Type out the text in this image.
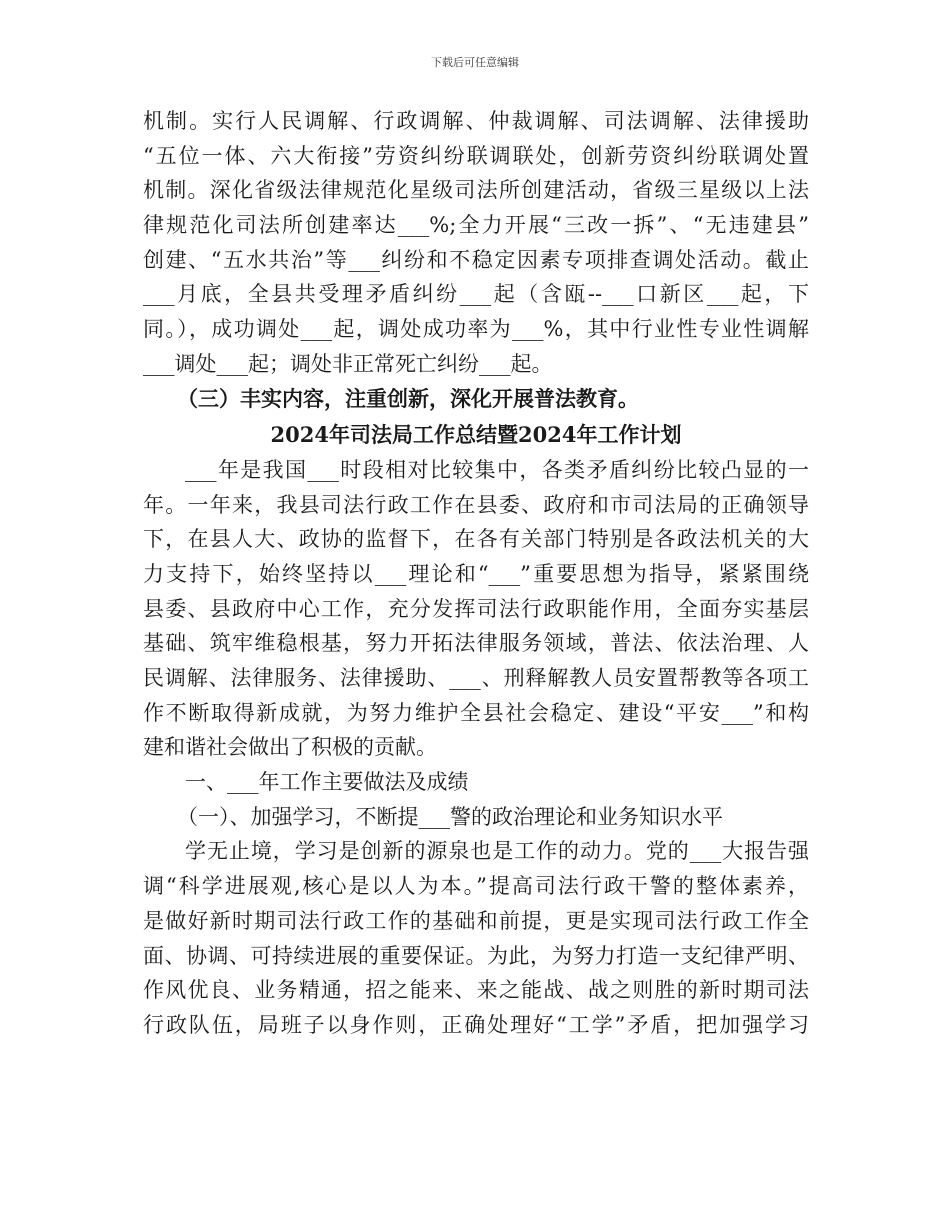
下载后可任意编辑
机制。实行人民调解、行政调解、仲裁调解、司法调解、法律援助
“五位一体、六大衔接”劳资纠纷联调联处，创新劳资纠纷联调处置
机制。深化省级法律规范化星级司法所创建活动，省级三星级以上法
律规范化司法所创建率达___%;全力开展“三改一拆”、“无违建县”
创建、“五水共治”等___纠纷和不稳定因素专项排查调处活动。截止
___月底，全县共受理矛盾纠纷___起（含瓯--___口新区___起，下
同。），成功调处___起，调处成功率为___%，其中行业性专业性调解
___调处___起；调处非正常死亡纠纷___起。
（三）丰实内容，注重创新，深化开展普法教育。
2024年司法局工作总结暨2024年工作计划
___年是我国___时段相对比较集中，各类矛盾纠纷比较凸显的一
年。一年来，我县司法行政工作在县委、政府和市司法局的正确领导
下，在县人大、政协的监督下，在各有关部门特别是各政法机关的大
力支持下，始终坚持以___理论和“___”重要思想为指导，紧紧围绕
县委、县政府中心工作，充分发挥司法行政职能作用，全面夯实基层
基础、筑牢维稳根基，努力开拓法律服务领域，普法、依法治理、人
民调解、法律服务、法律援助、___、刑释解教人员安置帮教等各项工
作不断取得新成就，为努力维护全县社会稳定、建设“平安___”和构
建和谐社会做出了积极的贡献。
一、___年工作主要做法及成绩
（一）、加强学习，不断提___警的政治理论和业务知识水平
学无止境，学习是创新的源泉也是工作的动力。党的___大报告强
调“科学进展观,核心是以人为本。”提高司法行政干警的整体素养，
是做好新时期司法行政工作的基础和前提，更是实现司法行政工作全
面、协调、可持续进展的重要保证。为此，为努力打造一支纪律严明、
作风优良、业务精通，招之能来、来之能战、战之则胜的新时期司法
行政队伍，局班子以身作则，正确处理好“工学”矛盾，把加强学习
